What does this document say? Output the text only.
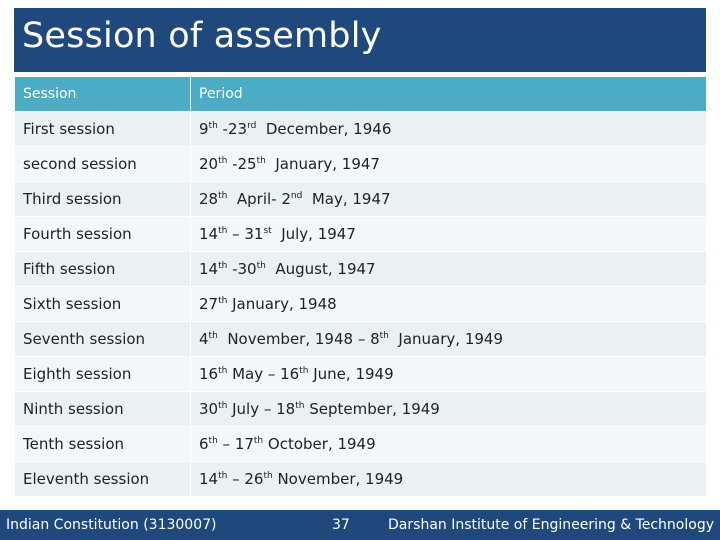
Session of assembly
Session	Period
First session	9th -23rd  December, 1946
second session	20th -25th  January, 1947
Third session	28th  April- 2nd  May, 1947
Fourth session	14th – 31st  July, 1947
Fifth session	14th -30th  August, 1947
Sixth session	27th January, 1948
Seventh session	4th  November, 1948 – 8th  January, 1949
Eighth session	16th May – 16th June, 1949
Ninth session	30th July – 18th September, 1949
Tenth session	6th – 17th October, 1949
Eleventh session	14th – 26th November, 1949
Indian Constitution (3130007)	37	Darshan Institute of Engineering & Technology
